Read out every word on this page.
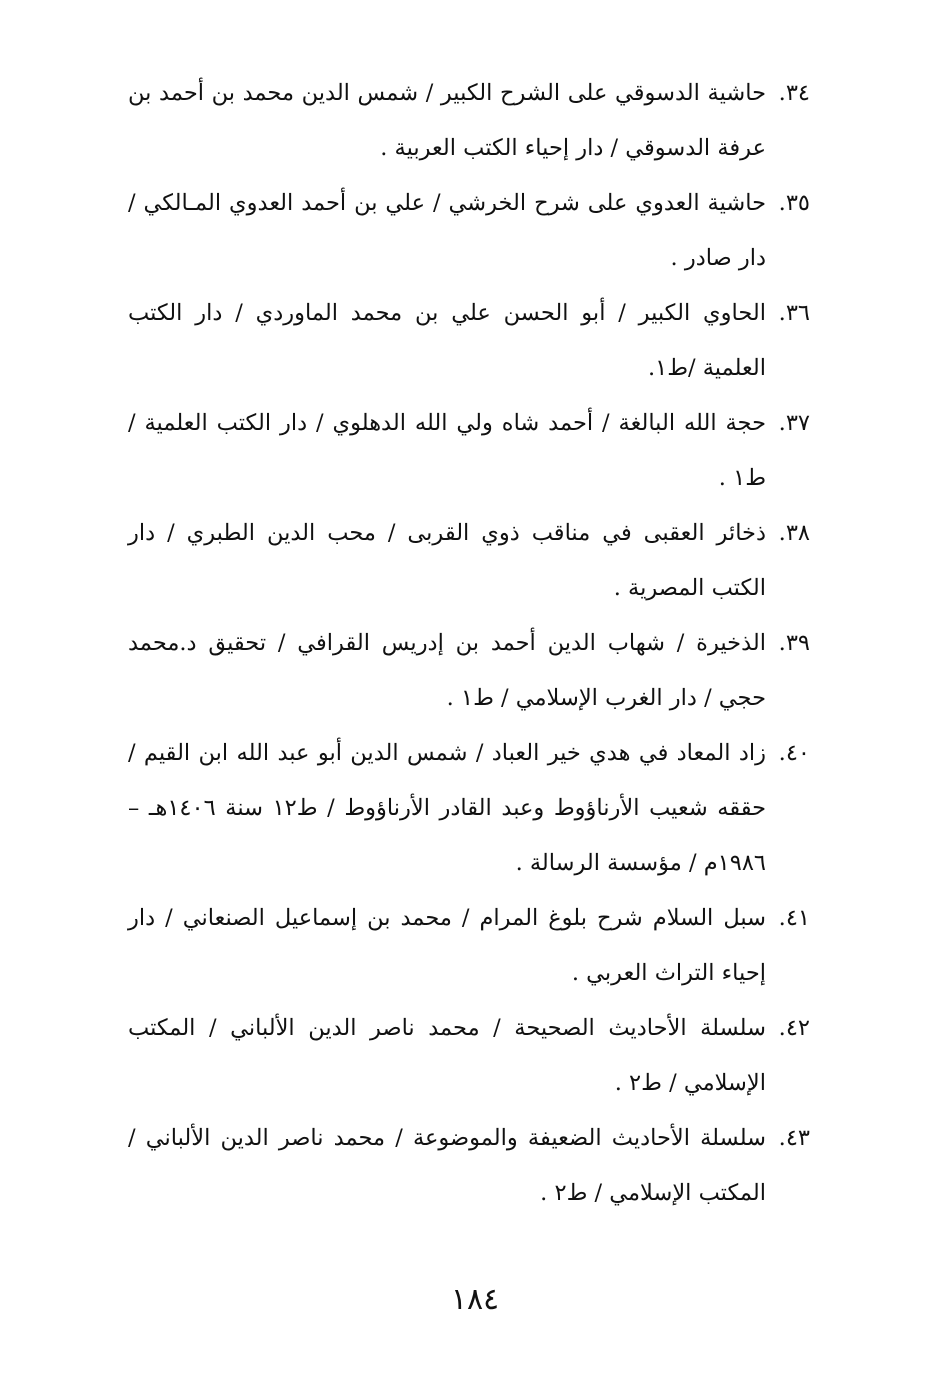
٣٤.
حاشية الدسوقي على الشرح الكبير / شمس الدين محمد بن أحمد بن عرفة الدسوقي / دار إحياء الكتب العربية .
٣٥.
حاشية العدوي على شرح الخرشي / علي بن أحمد العدوي المـالكي / دار صادر .
٣٦.
الحاوي الكبير / أبو الحسن علي بن محمد الماوردي / دار الكتب العلمية /ط١.
٣٧.
حجة الله البالغة / أحمد شاه ولي الله الدهلوي / دار الكتب العلمية / ط١ .
٣٨.
ذخائر العقبى في مناقب ذوي القربى / محب الدين الطبري / دار الكتب المصرية .
٣٩.
الذخيرة / شهاب الدين أحمد بن إدريس القرافي / تحقيق د.محمد حجي / دار الغرب الإسلامي / ط١ .
٤٠.
زاد المعاد في هدي خير العباد / شمس الدين أبو عبد الله ابن القيم / حققه شعيب الأرناؤوط وعبد القادر الأرناؤوط / ط١٢ سنة ١٤٠٦هـ – ١٩٨٦م / مؤسسة الرسالة .
٤١.
سبل السلام شرح بلوغ المرام / محمد بن إسماعيل الصنعاني / دار إحياء التراث العربي .
٤٢.
سلسلة الأحاديث الصحيحة / محمد ناصر الدين الألباني / المكتب الإسلامي / ط٢ .
٤٣.
سلسلة الأحاديث الضعيفة والموضوعة / محمد ناصر الدين الألباني / المكتب الإسلامي / ط٢ .
١٨٤
